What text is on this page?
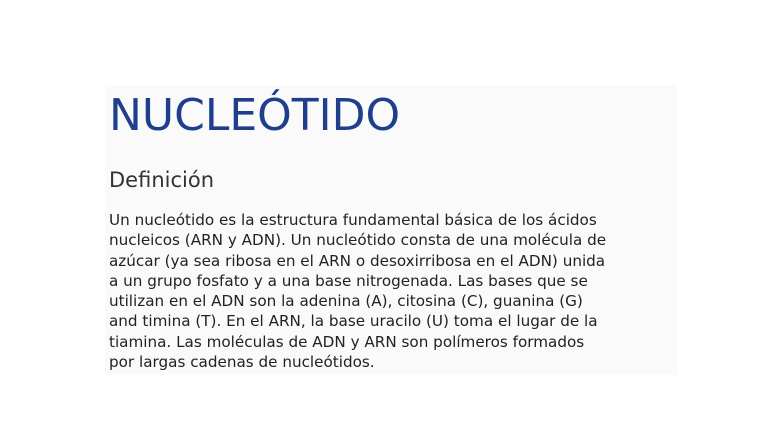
NUCLEÓTIDO
Definición
Un nucleótido es la estructura fundamental básica de los ácidos
nucleicos (ARN y ADN). Un nucleótido consta de una molécula de
azúcar (ya sea ribosa en el ARN o desoxirribosa en el ADN) unida
a un grupo fosfato y a una base nitrogenada. Las bases que se
utilizan en el ADN son la adenina (A), citosina (C), guanina (G)
and timina (T). En el ARN, la base uracilo (U) toma el lugar de la
tiamina. Las moléculas de ADN y ARN son polímeros formados
por largas cadenas de nucleótidos.
